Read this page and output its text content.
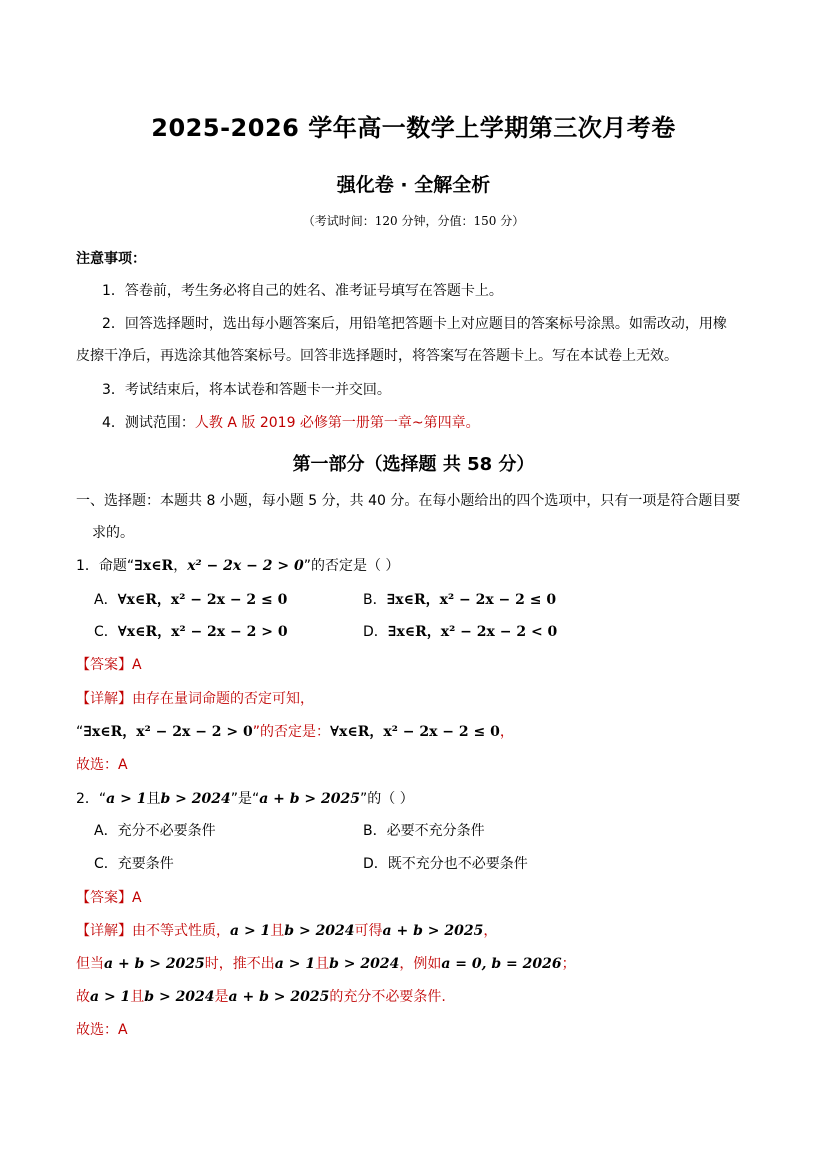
2025-2026 学年高一数学上学期第三次月考卷
强化卷 · 全解全析
（考试时间：120 分钟，分值：150 分）
注意事项：
1．答卷前，考生务必将自己的姓名、准考证号填写在答题卡上。
2．回答选择题时，选出每小题答案后，用铅笔把答题卡上对应题目的答案标号涂黑。如需改动，用橡
皮擦干净后，再选涂其他答案标号。回答非选择题时，将答案写在答题卡上。写在本试卷上无效。
3．考试结束后，将本试卷和答题卡一并交回。
4．测试范围：人教 A 版 2019 必修第一册第一章~第四章。
第一部分（选择题 共 58 分）
一、选择题：本题共 8 小题，每小题 5 分，共 40 分。在每小题给出的四个选项中，只有一项是符合题目要
求的。
1．命题“∃x∈R，x² − 2x − 2 > 0”的否定是（ ）
A．∀x∈R，x² − 2x − 2 ≤ 0	B．∃x∈R，x² − 2x − 2 ≤ 0
C．∀x∈R，x² − 2x − 2 > 0	D．∃x∈R，x² − 2x − 2 < 0
【答案】A
【详解】由存在量词命题的否定可知，
“∃x∈R，x² − 2x − 2 > 0”的否定是：∀x∈R，x² − 2x − 2 ≤ 0，
故选：A
2．“a > 1且b > 2024”是“a + b > 2025”的（ ）
A．充分不必要条件	B．必要不充分条件
C．充要条件	D．既不充分也不必要条件
【答案】A
【详解】由不等式性质，a > 1且b > 2024可得a + b > 2025，
但当a + b > 2025时，推不出a > 1且b > 2024，例如a = 0, b = 2026；
故a > 1且b > 2024是a + b > 2025的充分不必要条件.
故选：A
